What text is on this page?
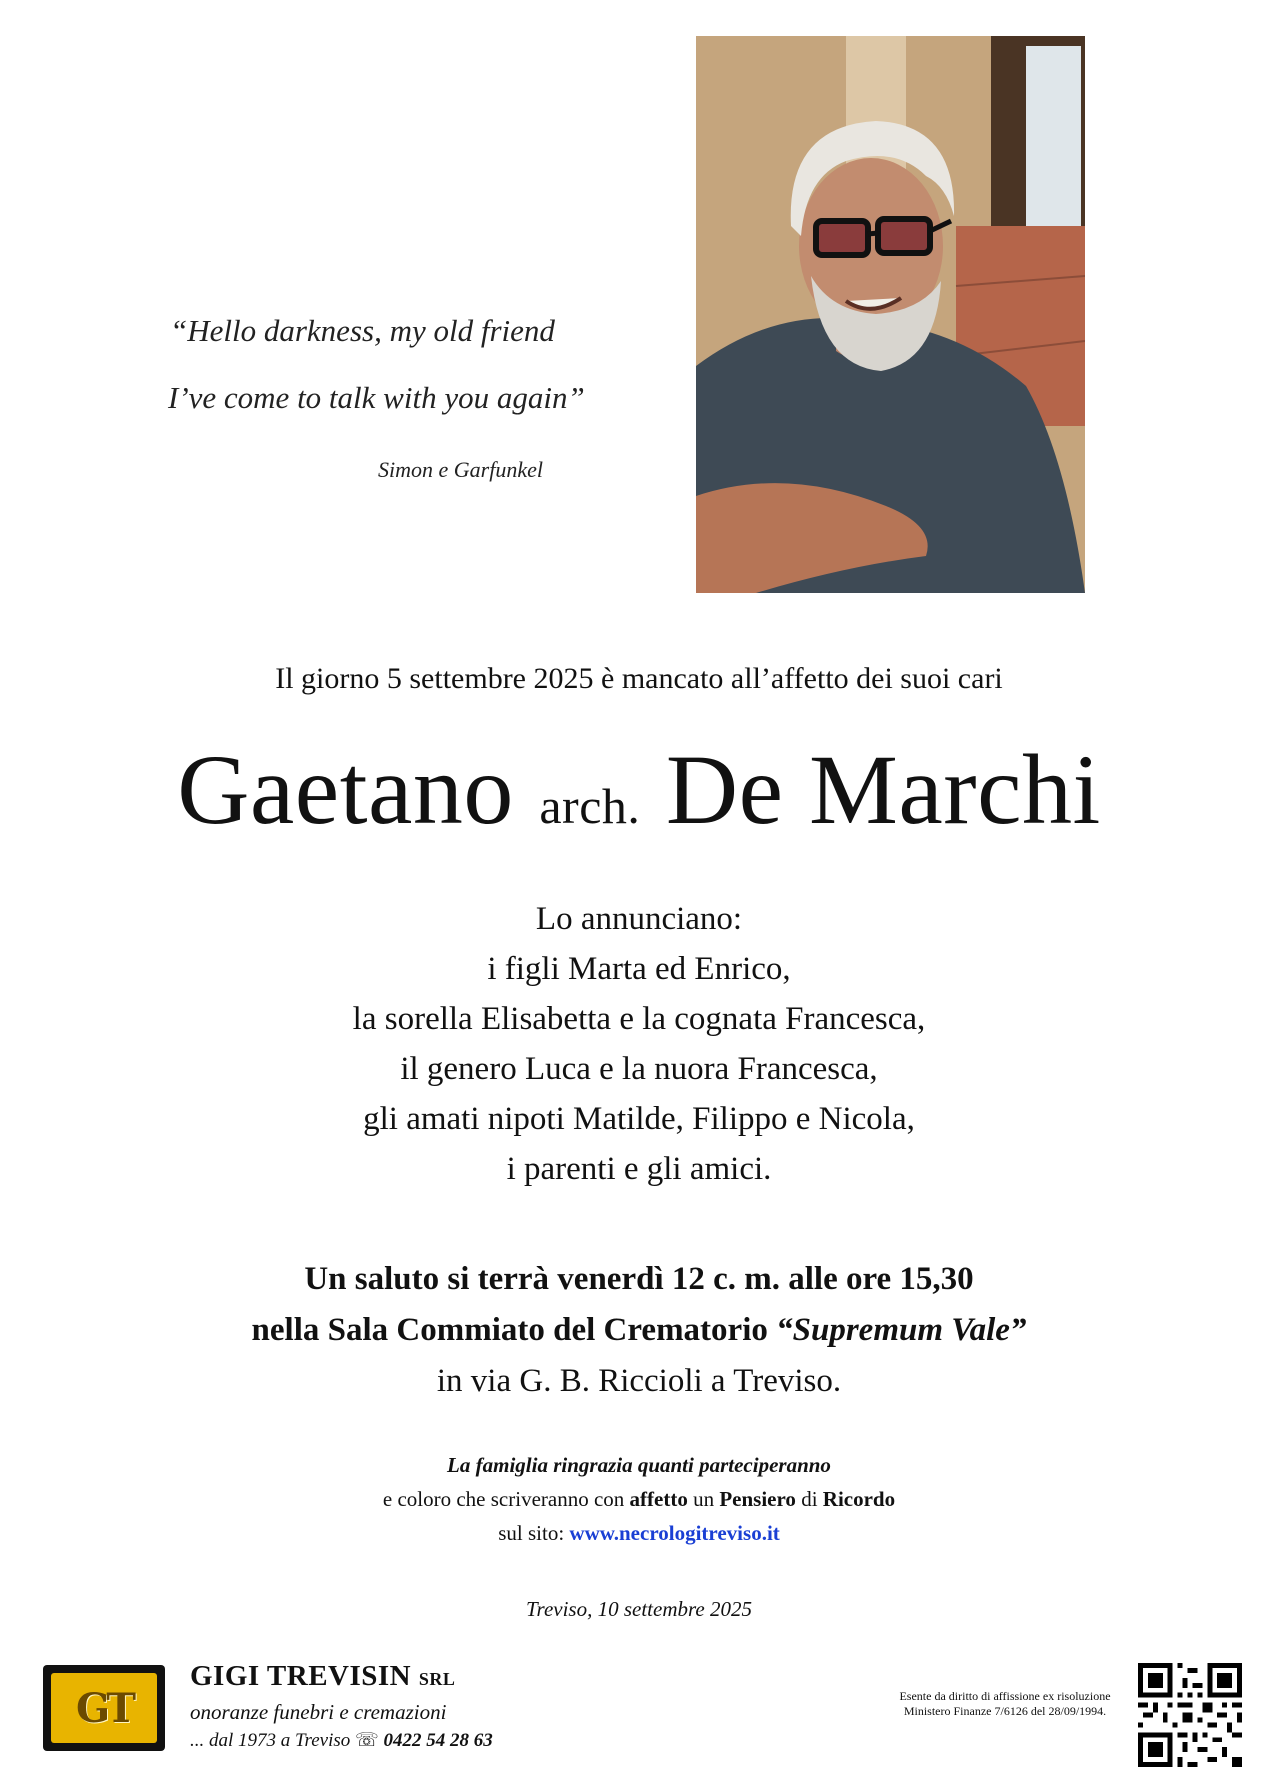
“Hello darkness, my old friend
I’ve come to talk with you again”
Simon e Garfunkel
Il giorno 5 settembre 2025 è mancato all’affetto dei suoi cari
Gaetano arch. De Marchi
Lo annunciano:
i figli Marta ed Enrico,
la sorella Elisabetta e la cognata Francesca,
il genero Luca e la nuora Francesca,
gli amati nipoti Matilde, Filippo e Nicola,
i parenti e gli amici.
Un saluto si terrà venerdì 12 c. m. alle ore 15,30
nella Sala Commiato del Crematorio “Supremum Vale”
in via G. B. Riccioli a Treviso.
La famiglia ringrazia quanti parteciperanno
e coloro che scriveranno con affetto un Pensiero di Ricordo
sul sito: www.necrologitreviso.it
Treviso, 10 settembre 2025
GT
GIGI TREVISIN SRL
onoranze funebri e cremazioni
... dal 1973 a Treviso ☏ 0422 54 28 63
Esente da diritto di affissione ex risoluzione
Ministero Finanze 7/6126 del 28/09/1994.
